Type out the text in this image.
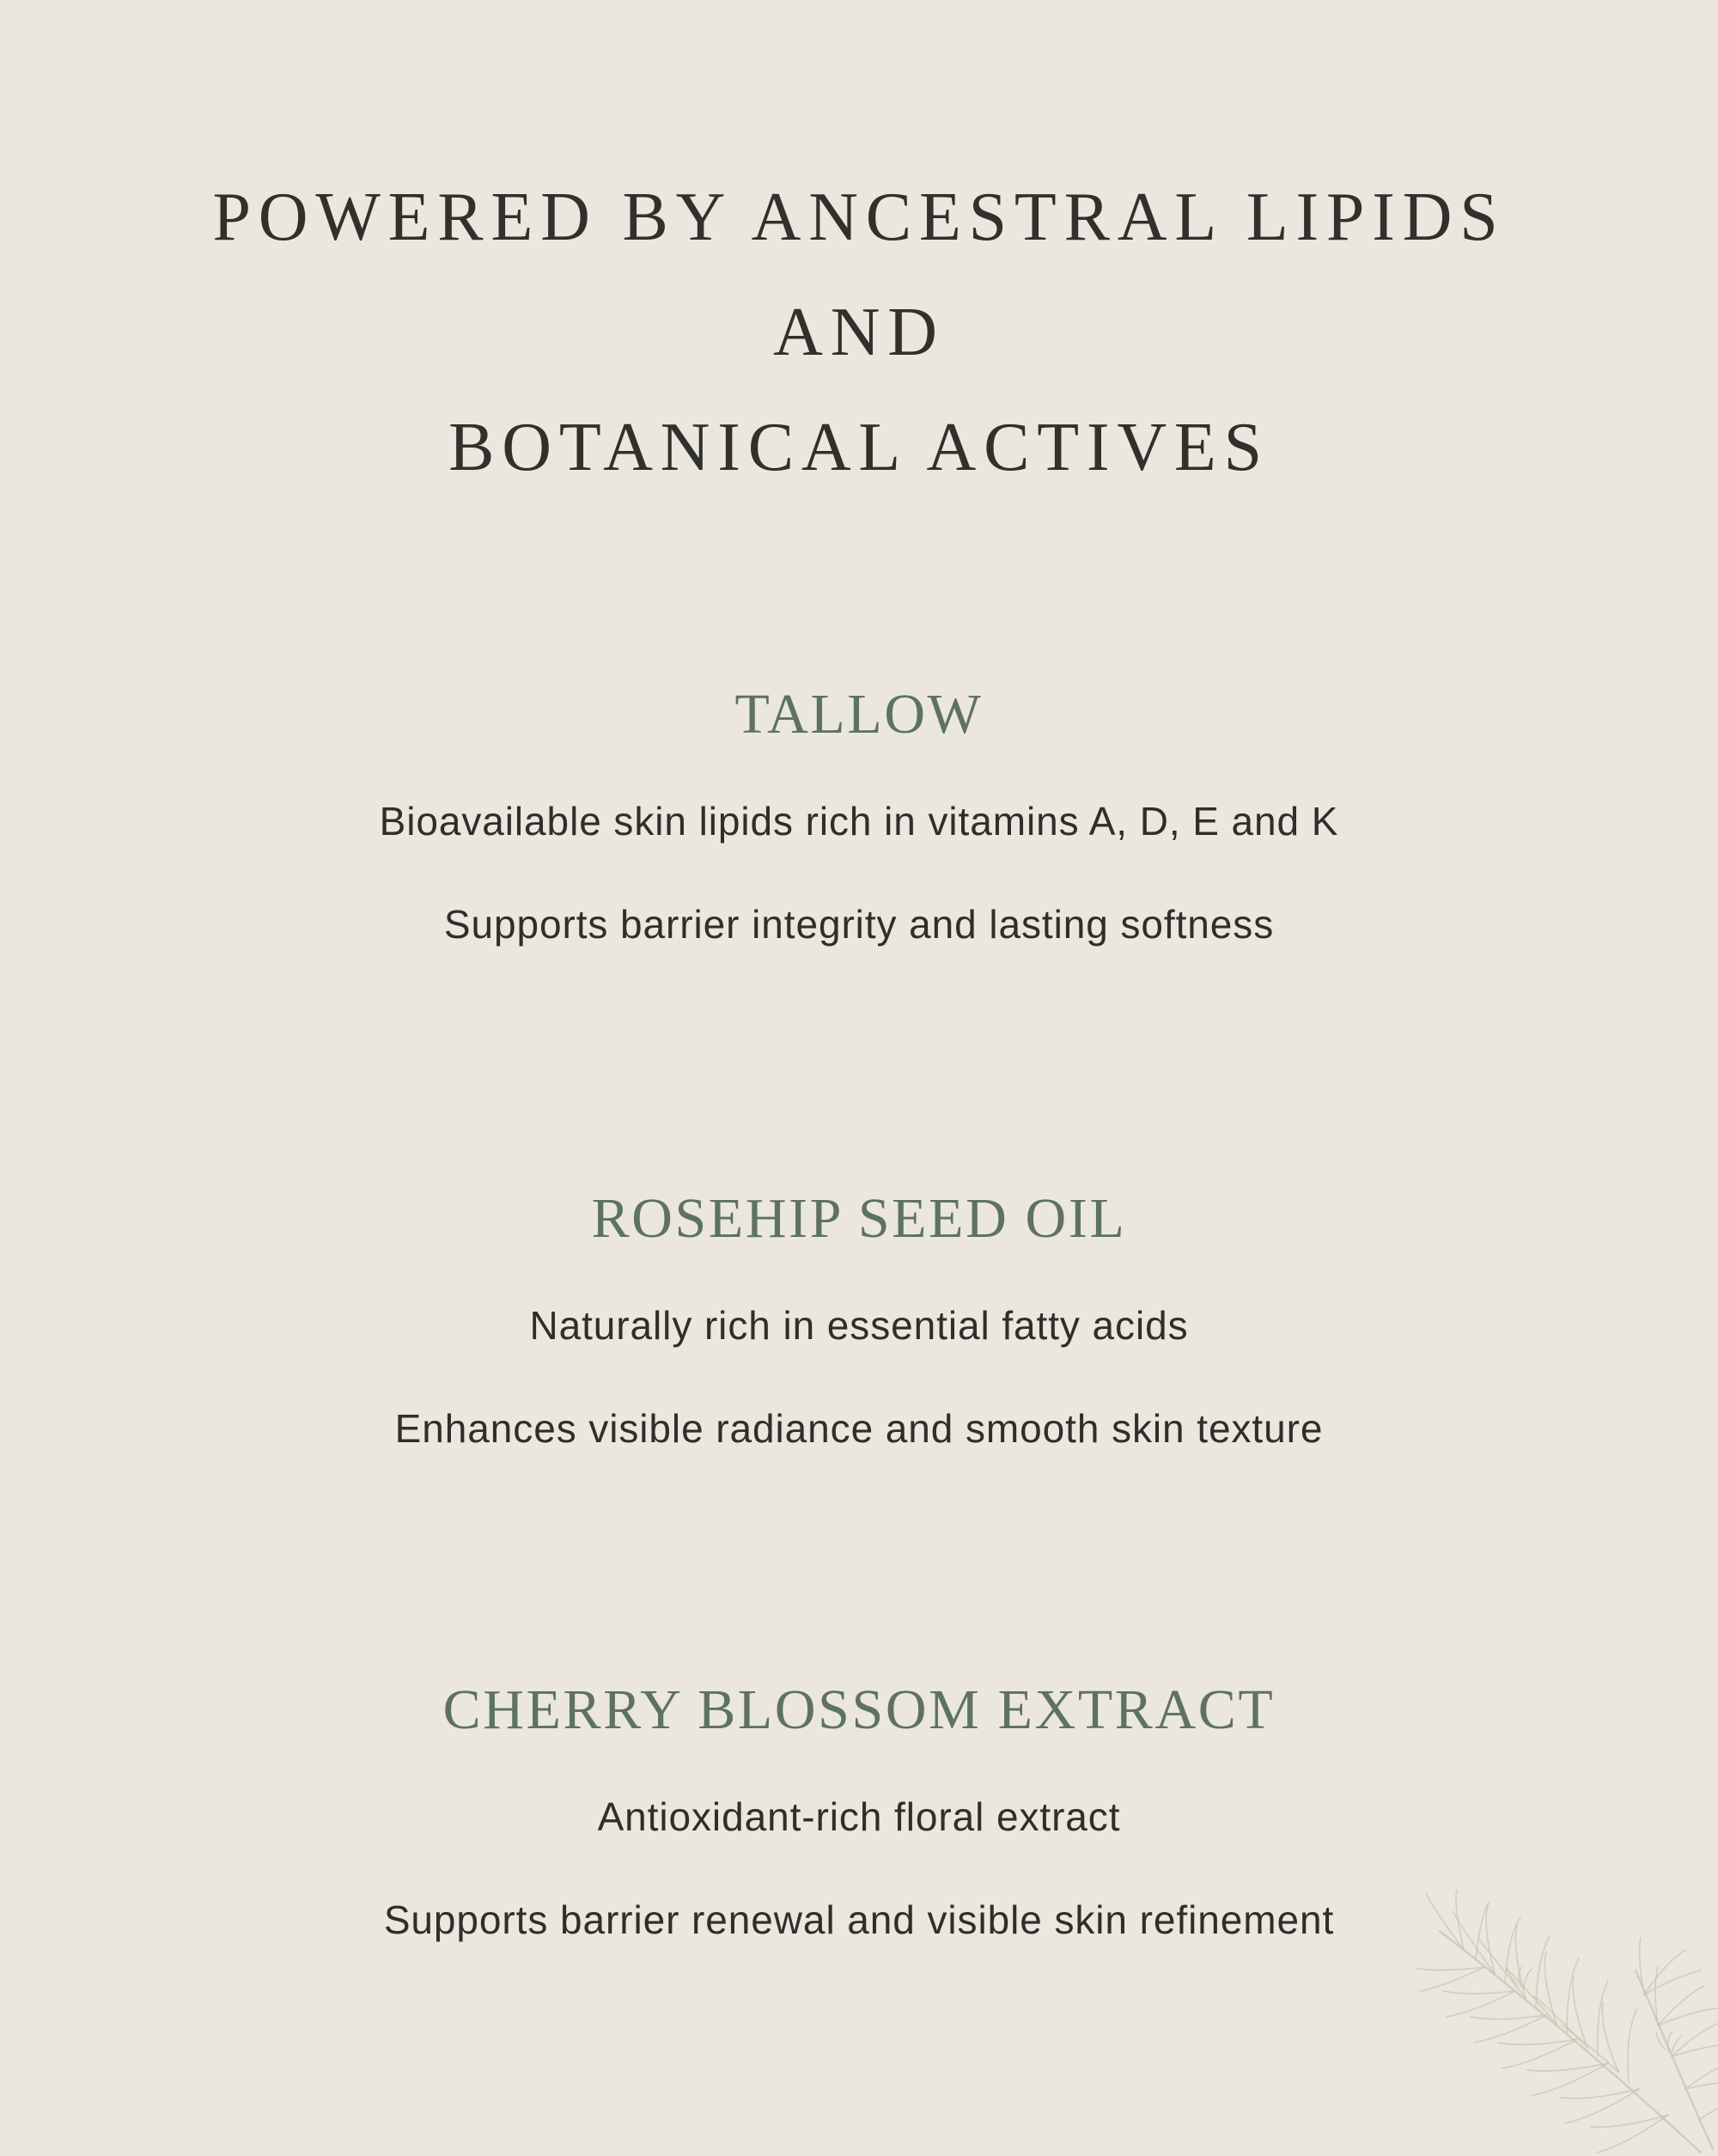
POWERED BY ANCESTRAL LIPIDS
AND
BOTANICAL ACTIVES
TALLOW

Bioavailable skin lipids rich in vitamins A, D, E and K

Supports barrier integrity and lasting softness

ROSEHIP SEED OIL

Naturally rich in essential fatty acids

Enhances visible radiance and smooth skin texture

CHERRY BLOSSOM EXTRACT

Antioxidant-rich floral extract

Supports barrier renewal and visible skin refinement
